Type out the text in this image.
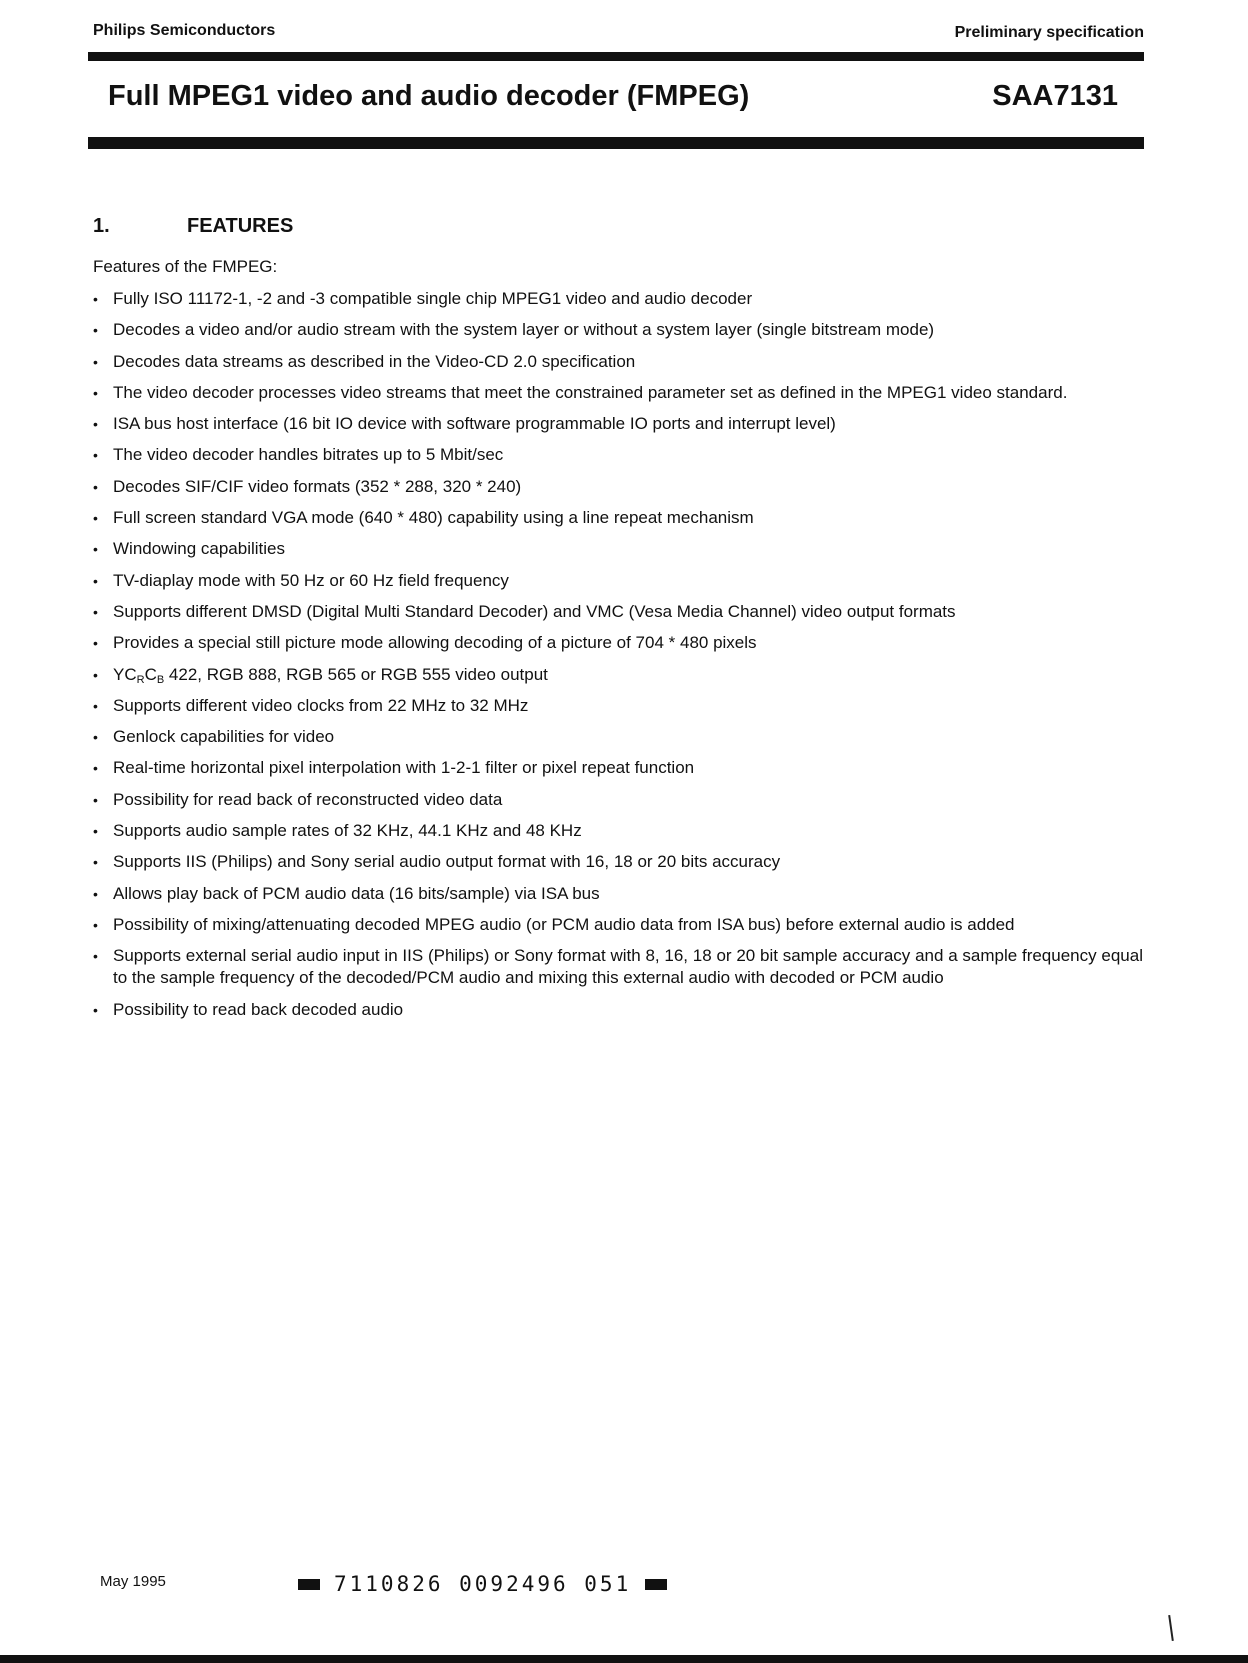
Philips Semiconductors	Preliminary specification
Full MPEG1 video and audio decoder (FMPEG)	SAA7131
1.	FEATURES
Features of the FMPEG:
• Fully ISO 11172-1, -2 and -3 compatible single chip MPEG1 video and audio decoder
• Decodes a video and/or audio stream with the system layer or without a system layer (single bitstream mode)
• Decodes data streams as described in the Video-CD 2.0 specification
• The video decoder processes video streams that meet the constrained parameter set as defined in the MPEG1 video standard.
• ISA bus host interface (16 bit IO device with software programmable IO ports and interrupt level)
• The video decoder handles bitrates up to 5 Mbit/sec
• Decodes SIF/CIF video formats (352 * 288, 320 * 240)
• Full screen standard VGA mode (640 * 480) capability using a line repeat mechanism
• Windowing capabilities
• TV-diaplay mode with 50 Hz or 60 Hz field frequency
• Supports different DMSD (Digital Multi Standard Decoder) and VMC (Vesa Media Channel) video output formats
• Provides a special still picture mode allowing decoding of a picture of 704 * 480 pixels
• $YC_RC_B$ 422, RGB 888, RGB 565 or RGB 555 video output
• Supports different video clocks from 22 MHz to 32 MHz
• Genlock capabilities for video
• Real-time horizontal pixel interpolation with 1-2-1 filter or pixel repeat function
• Possibility for read back of reconstructed video data
• Supports audio sample rates of 32 KHz, 44.1 KHz and 48 KHz
• Supports IIS (Philips) and Sony serial audio output format with 16, 18 or 20 bits accuracy
• Allows play back of PCM audio data (16 bits/sample) via ISA bus
• Possibility of mixing/attenuating decoded MPEG audio (or PCM audio data from ISA bus) before external audio is added
• Supports external serial audio input in IIS (Philips) or Sony format with 8, 16, 18 or 20 bit sample accuracy and a sample frequency equal to the sample frequency of the decoded/PCM audio and mixing this external audio with decoded or PCM audio
• Possibility to read back decoded audio
May 1995	7110826 0092496 051
